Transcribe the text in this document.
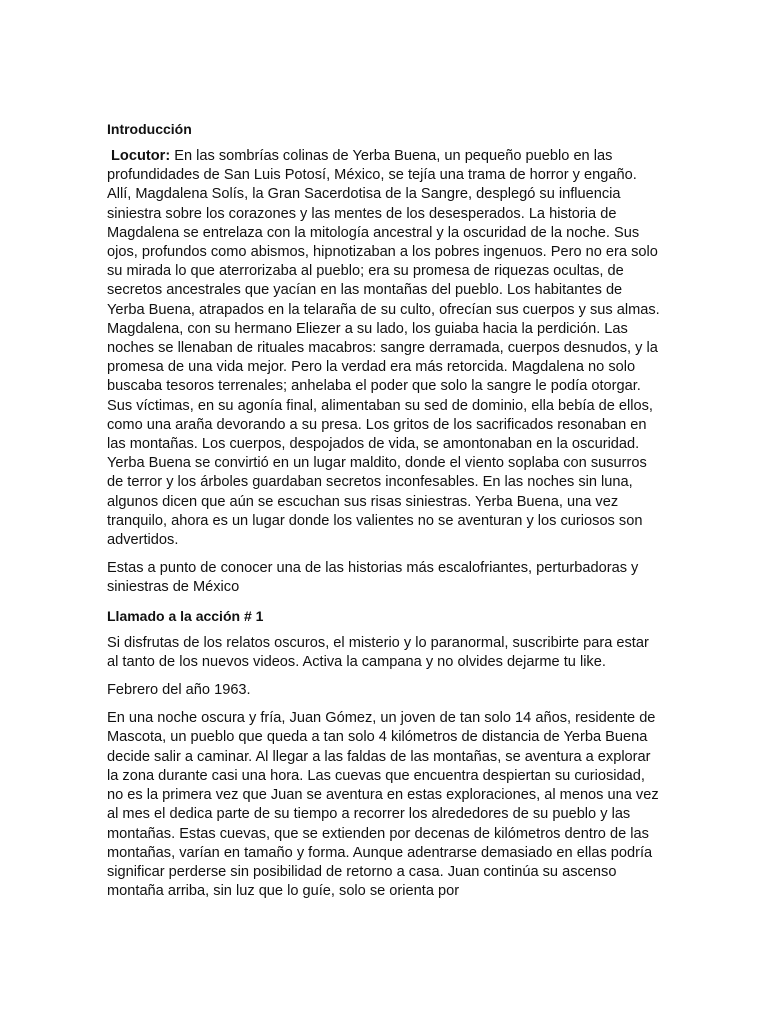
Introducción

Locutor: En las sombrías colinas de Yerba Buena, un pequeño pueblo en las profundidades de San Luis Potosí, México, se tejía una trama de horror y engaño. Allí, Magdalena Solís, la Gran Sacerdotisa de la Sangre, desplegó su influencia siniestra sobre los corazones y las mentes de los desesperados. La historia de Magdalena se entrelaza con la mitología ancestral y la oscuridad de la noche. Sus ojos, profundos como abismos, hipnotizaban a los pobres ingenuos. Pero no era solo su mirada lo que aterrorizaba al pueblo; era su promesa de riquezas ocultas, de secretos ancestrales que yacían en las montañas del pueblo. Los habitantes de Yerba Buena, atrapados en la telaraña de su culto, ofrecían sus cuerpos y sus almas. Magdalena, con su hermano Eliezer a su lado, los guiaba hacia la perdición. Las noches se llenaban de rituales macabros: sangre derramada, cuerpos desnudos, y la promesa de una vida mejor. Pero la verdad era más retorcida. Magdalena no solo buscaba tesoros terrenales; anhelaba el poder que solo la sangre le podía otorgar. Sus víctimas, en su agonía final, alimentaban su sed de dominio, ella bebía de ellos, como una araña devorando a su presa. Los gritos de los sacrificados resonaban en las montañas. Los cuerpos, despojados de vida, se amontonaban en la oscuridad. Yerba Buena se convirtió en un lugar maldito, donde el viento soplaba con susurros de terror y los árboles guardaban secretos inconfesables. En las noches sin luna, algunos dicen que aún se escuchan sus risas siniestras. Yerba Buena, una vez tranquilo, ahora es un lugar donde los valientes no se aventuran y los curiosos son advertidos.

Estas a punto de conocer una de las historias más escalofriantes, perturbadoras y siniestras de México

Llamado a la acción # 1

Si disfrutas de los relatos oscuros, el misterio y lo paranormal, suscribirte para estar al tanto de los nuevos videos. Activa la campana y no olvides dejarme tu like.

Febrero del año 1963.

En una noche oscura y fría, Juan Gómez, un joven de tan solo 14 años, residente de Mascota, un pueblo que queda a tan solo 4 kilómetros de distancia de Yerba Buena decide salir a caminar. Al llegar a las faldas de las montañas, se aventura a explorar la zona durante casi una hora. Las cuevas que encuentra despiertan su curiosidad, no es la primera vez que Juan se aventura en estas exploraciones, al menos una vez al mes el dedica parte de su tiempo a recorrer los alrededores de su pueblo y las montañas. Estas cuevas, que se extienden por decenas de kilómetros dentro de las montañas, varían en tamaño y forma. Aunque adentrarse demasiado en ellas podría significar perderse sin posibilidad de retorno a casa. Juan continúa su ascenso montaña arriba, sin luz que lo guíe, solo se orienta por
